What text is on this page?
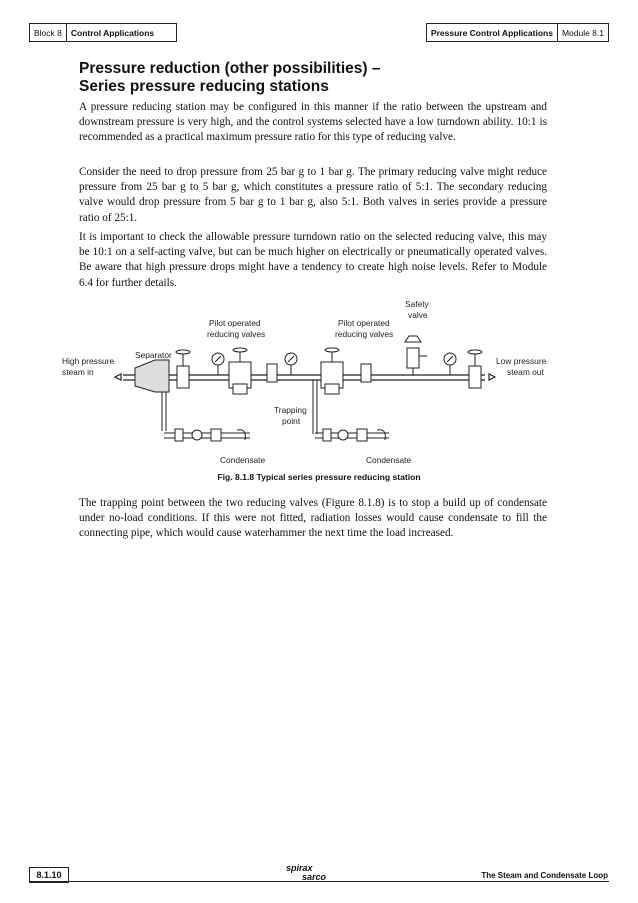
Block 8	Control Applications	Pressure Control Applications	Module 8.1
Pressure reduction (other possibilities) –
Series pressure reducing stations

A pressure reducing station may be configured in this manner if the ratio between the upstream and downstream pressure is very high, and the control systems selected have a low turndown ability. 10:1 is recommended as a practical maximum pressure ratio for this type of reducing valve.

Consider the need to drop pressure from 25 bar g to 1 bar g. The primary reducing valve might reduce pressure from 25 bar g to 5 bar g, which constitutes a pressure ratio of 5:1. The secondary reducing valve would drop pressure from 5 bar g to 1 bar g, also 5:1. Both valves in series provide a pressure ratio of 25:1.

It is important to check the allowable pressure turndown ratio on the selected reducing valve, this may be 10:1 on a self-acting valve, but can be much higher on electrically or pneumatically operated valves. Be aware that high pressure drops might have a tendency to create high noise levels. Refer to Module 6.4 for further details.

The trapping point between the two reducing valves (Figure 8.1.8) is to stop a build up of condensate under no-load conditions. If this were not fitted, radiation losses would cause condensate to fill the connecting pipe, which would cause waterhammer the next time the load increased.

High pressure
steam in
Separator
Pilot operated
reducing valves
Pilot operated
reducing valves
Safety
valve
Low pressure
steam out
Trapping
point
Condensate	Condensate
Fig. 8.1.8 Typical series pressure reducing station
8.1.10
spirax
sarco	The Steam and Condensate Loop
